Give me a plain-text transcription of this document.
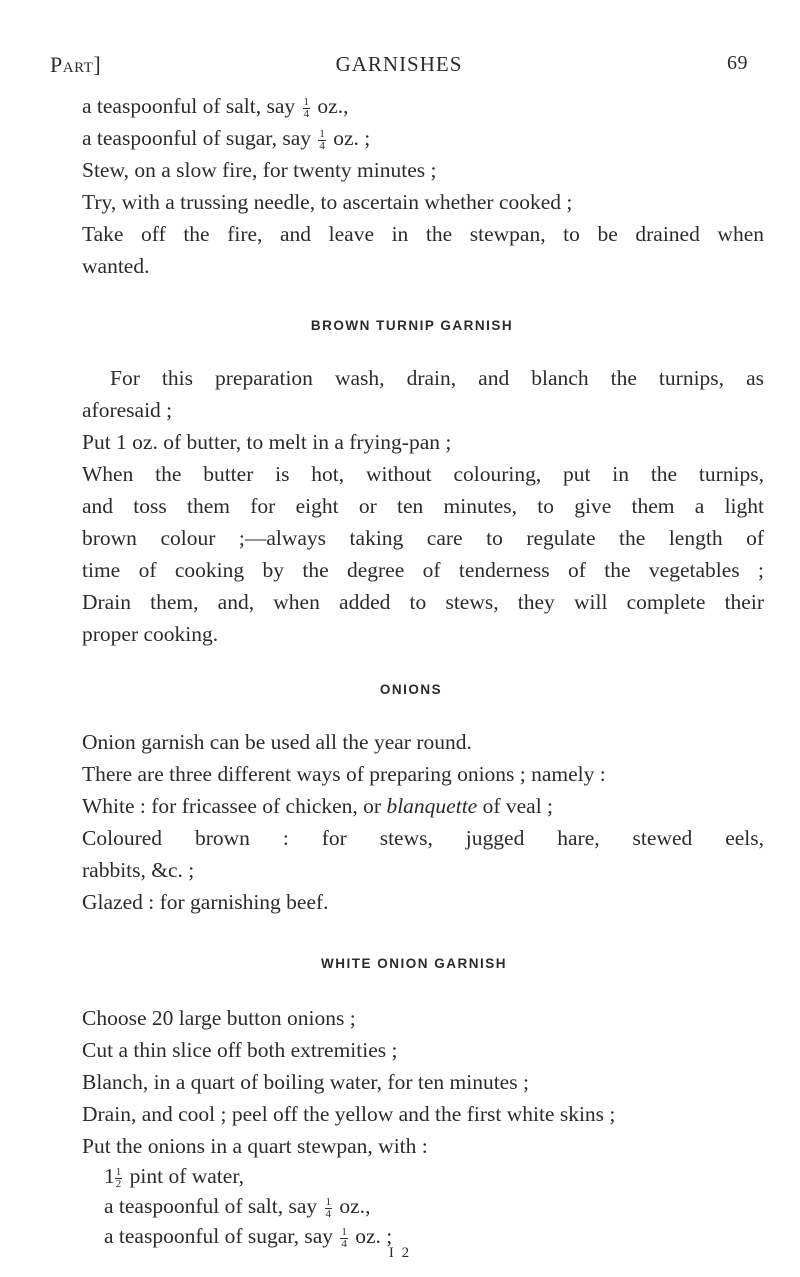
Part]	GARNISHES	69
a teaspoonful of salt, say $\frac{1}{4}$ oz.,
a teaspoonful of sugar, say $\frac{1}{4}$ oz. ;
Stew, on a slow fire, for twenty minutes ;
Try, with a trussing needle, to ascertain whether cooked ;
Take off the fire, and leave in the stewpan, to be drained when
wanted.
BROWN TURNIP GARNISH
For this preparation wash, drain, and blanch the turnips, as
aforesaid ;
Put 1 oz. of butter, to melt in a frying-pan ;
When the butter is hot, without colouring, put in the turnips,
and toss them for eight or ten minutes, to give them a light
brown colour ;—always taking care to regulate the length of
time of cooking by the degree of tenderness of the vegetables ;
Drain them, and, when added to stews, they will complete their
proper cooking.
ONIONS
Onion garnish can be used all the year round.
There are three different ways of preparing onions ; namely :
White : for fricassee of chicken, or blanquette of veal ;
Coloured brown : for stews, jugged hare, stewed eels,
rabbits, &c. ;
Glazed : for garnishing beef.
WHITE ONION GARNISH
Choose 20 large button onions ;
Cut a thin slice off both extremities ;
Blanch, in a quart of boiling water, for ten minutes ;
Drain, and cool ; peel off the yellow and the first white skins ;
Put the onions in a quart stewpan, with :
$1 \frac{1}{2}$ pint of water,
a teaspoonful of salt, say $\frac{1}{4}$ oz.,
a teaspoonful of sugar, say $\frac{1}{4}$ oz. ;
I 2
